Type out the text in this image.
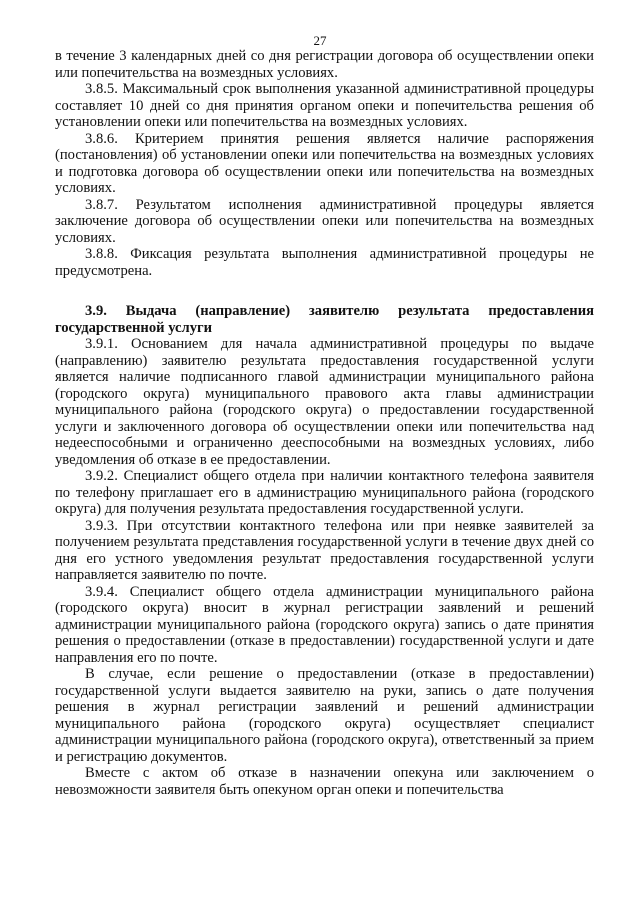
27

в течение 3 календарных дней со дня регистрации договора об осуществлении опеки или попечительства на возмездных условиях.

3.8.5. Максимальный срок выполнения указанной административной процедуры составляет 10 дней со дня принятия органом опеки и попечительства решения об установлении опеки или попечительства на возмездных условиях.

3.8.6. Критерием принятия решения является наличие распоряжения (постановления) об установлении опеки или попечительства на возмездных условиях и подготовка договора об осуществлении опеки или попечительства на возмездных условиях.

3.8.7. Результатом исполнения административной процедуры является заключение договора об осуществлении опеки или попечительства на возмездных условиях.

3.8.8. Фиксация результата выполнения административной процедуры не предусмотрена.

3.9. Выдача (направление) заявителю результата предоставления государственной услуги

3.9.1. Основанием для начала административной процедуры по выдаче (направлению) заявителю результата предоставления государственной услуги является наличие подписанного главой администрации муниципального района (городского округа) муниципального правового акта главы администрации муниципального района (городского округа) о предоставлении государственной услуги и заключенного договора об осуществлении опеки или попечительства над недееспособными и ограниченно дееспособными на возмездных условиях, либо уведомления об отказе в ее предоставлении.

3.9.2. Специалист общего отдела при наличии контактного телефона заявителя по телефону приглашает его в администрацию муниципального района (городского округа) для получения результата предоставления государственной услуги.

3.9.3. При отсутствии контактного телефона или при неявке заявителей за получением результата представления государственной услуги в течение двух дней со дня его устного уведомления результат предоставления государственной услуги направляется заявителю по почте.

3.9.4. Специалист общего отдела администрации муниципального района (городского округа) вносит в журнал регистрации заявлений и решений администрации муниципального района (городского округа) запись о дате принятия решения о предоставлении (отказе в предоставлении) государственной услуги и дате направления его по почте.

В случае, если решение о предоставлении (отказе в предоставлении) государственной услуги выдается заявителю на руки, запись о дате получения решения в журнал регистрации заявлений и решений администрации муниципального района (городского округа) осуществляет специалист администрации муниципального района (городского округа), ответственный за прием и регистрацию документов.

Вместе с актом об отказе в назначении опекуна или заключением о невозможности заявителя быть опекуном орган опеки и попечительства
